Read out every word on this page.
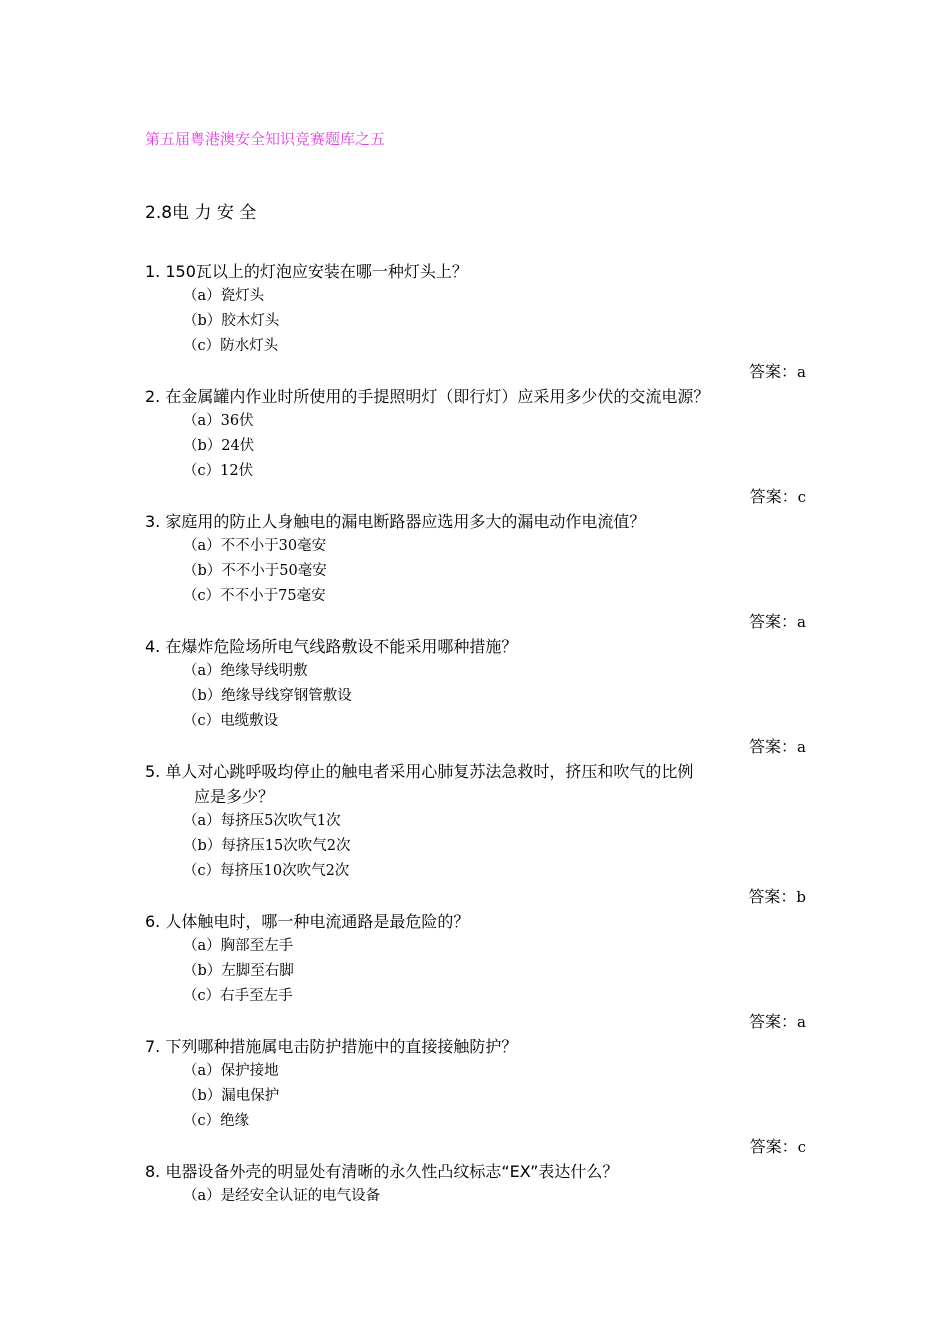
第五届粤港澳安全知识竞赛题库之五
2.8电 力 安 全
1. 150瓦以上的灯泡应安装在哪一种灯头上？
（a）瓷灯头
（b）胶木灯头
（c）防水灯头
答案：a
2. 在金属罐内作业时所使用的手提照明灯（即行灯）应采用多少伏的交流电源？
（a）36伏
（b）24伏
（c）12伏
答案：c
3. 家庭用的防止人身触电的漏电断路器应选用多大的漏电动作电流值？
（a）不不小于30毫安
（b）不不小于50毫安
（c）不不小于75毫安
答案：a
4. 在爆炸危险场所电气线路敷设不能采用哪种措施？
（a）绝缘导线明敷
（b）绝缘导线穿钢管敷设
（c）电缆敷设
答案：a
5. 单人对心跳呼吸均停止的触电者采用心肺复苏法急救时，挤压和吹气的比例
应是多少？
（a）每挤压5次吹气1次
（b）每挤压15次吹气2次
（c）每挤压10次吹气2次
答案：b
6. 人体触电时，哪一种电流通路是最危险的？
（a）胸部至左手
（b）左脚至右脚
（c）右手至左手
答案：a
7. 下列哪种措施属电击防护措施中的直接接触防护？
（a）保护接地
（b）漏电保护
（c）绝缘
答案：c
8. 电器设备外壳的明显处有清晰的永久性凸纹标志“EX”表达什么？
（a）是经安全认证的电气设备
